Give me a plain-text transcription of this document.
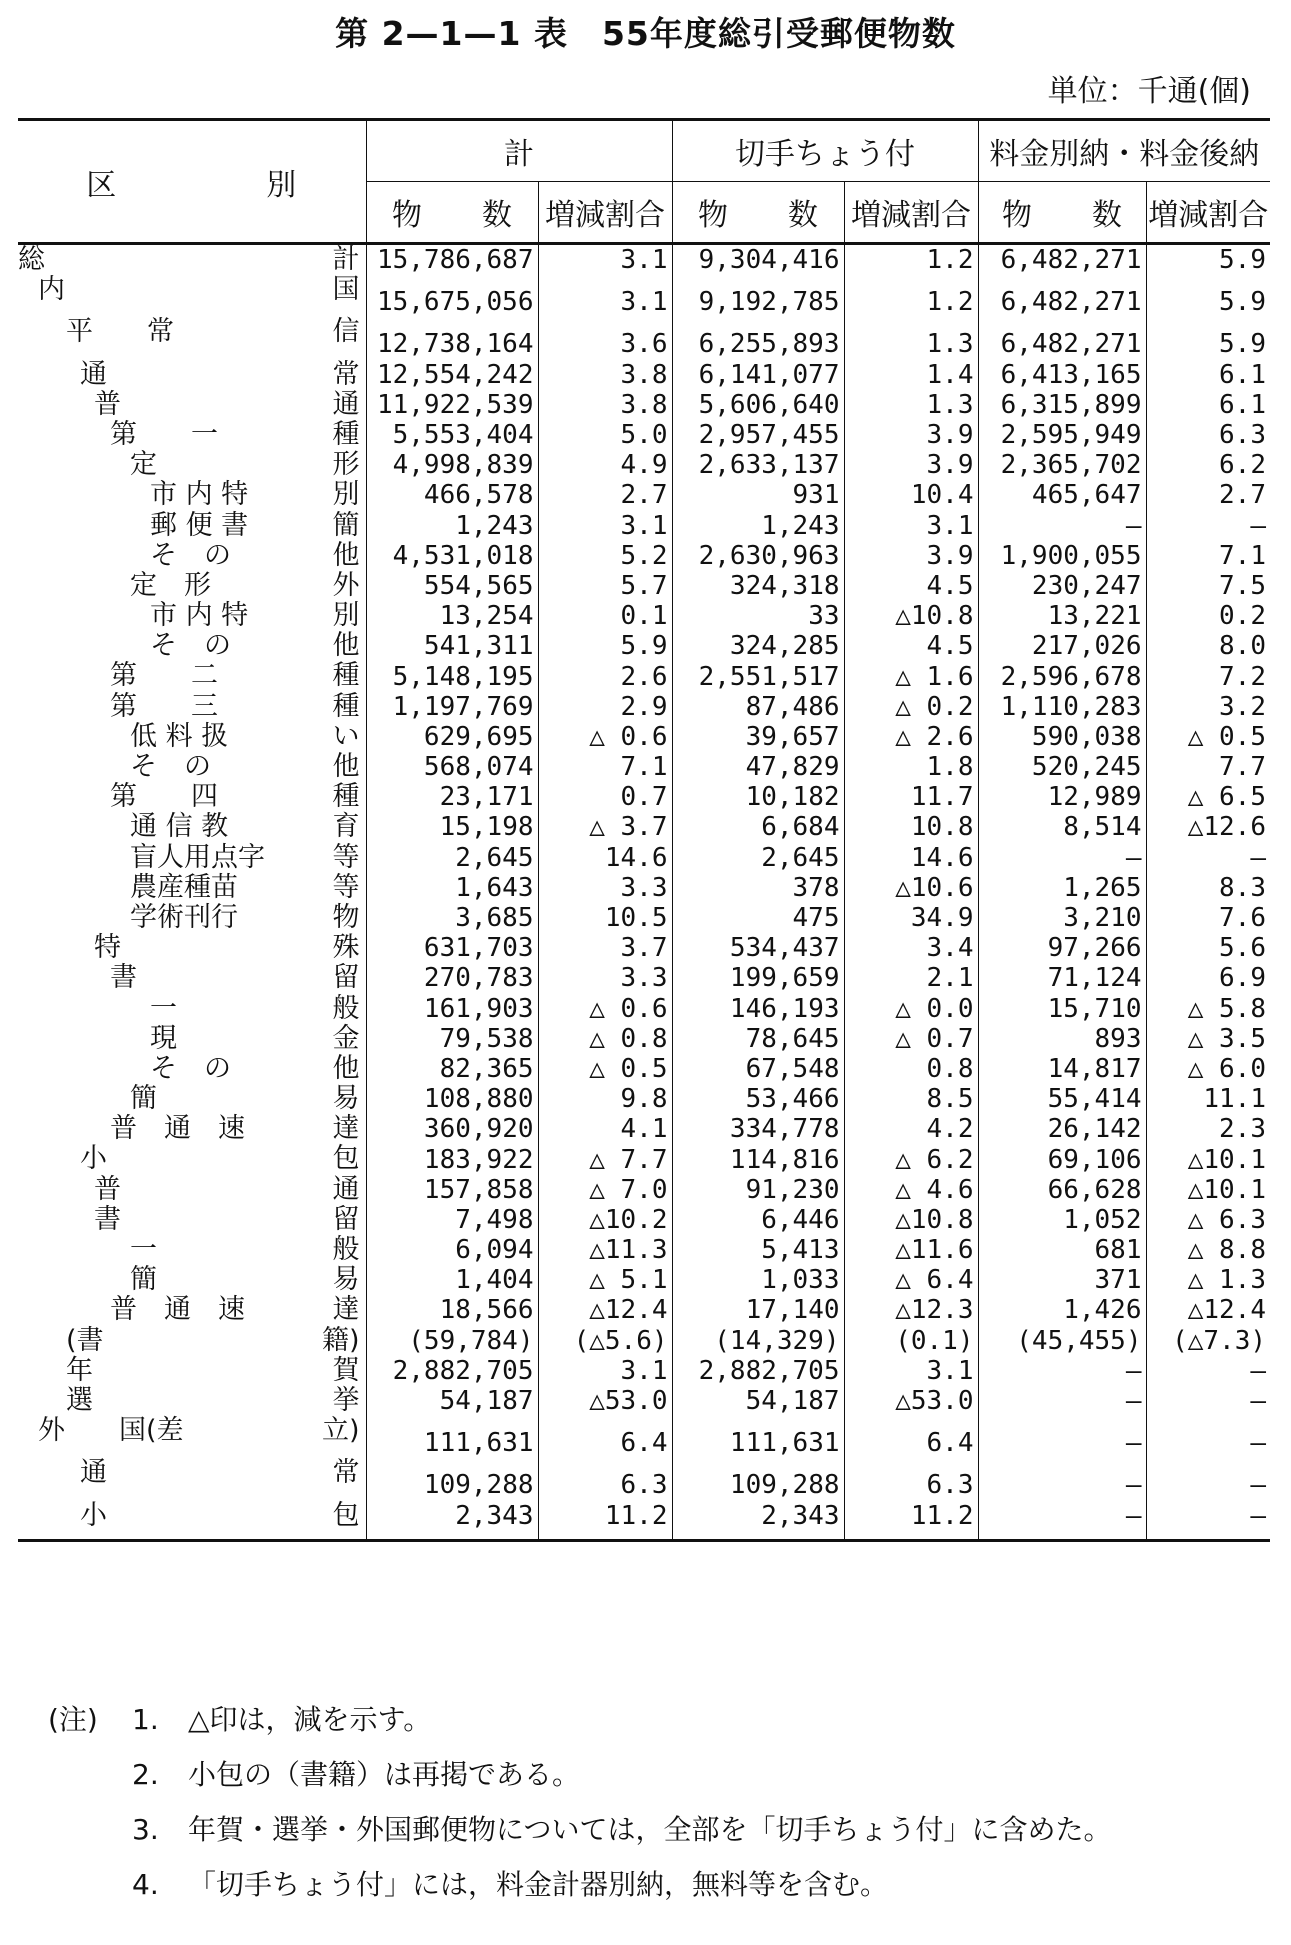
第 2—1—1 表　55年度総引受郵便物数
単位：千通(個)
区　別	計		切手ちょう付		料金別納・料金後納	
	物　　数	増減割合	物　　数	増減割合	物　　数	増減割合

総 計	15,786,687	3.1	9,304,416	1.2	6,482,271	5.9

内 国	15,675,056	3.1	9,192,785	1.2	6,482,271	5.9

平　　常 信	12,738,164	3.6	6,255,893	1.3	6,482,271	5.9

通 常	12,554,242	3.8	6,141,077	1.4	6,413,165	6.1

普 通	11,922,539	3.8	5,606,640	1.3	6,315,899	6.1

第　　一 種	5,553,404	5.0	2,957,455	3.9	2,595,949	6.3

定 形	4,998,839	4.9	2,633,137	3.9	2,365,702	6.2

市 内 特 別	466,578	2.7	931	10.4	465,647	2.7

郵 便 書 簡	1,243	3.1	1,243	3.1	—	—

そ　の 他	4,531,018	5.2	2,630,963	3.9	1,900,055	7.1

定　形 外	554,565	5.7	324,318	4.5	230,247	7.5

市 内 特 別	13,254	0.1	33	△10.8	13,221	0.2

そ　の 他	541,311	5.9	324,285	4.5	217,026	8.0

第　　二 種	5,148,195	2.6	2,551,517	△ 1.6	2,596,678	7.2

第　　三 種	1,197,769	2.9	87,486	△ 0.2	1,110,283	3.2

低 料 扱 い	629,695	△ 0.6	39,657	△ 2.6	590,038	△ 0.5

そ　の 他	568,074	7.1	47,829	1.8	520,245	7.7

第　　四 種	23,171	0.7	10,182	11.7	12,989	△ 6.5

通 信 教 育	15,198	△ 3.7	6,684	10.8	8,514	△12.6

盲人用点字 等	2,645	14.6	2,645	14.6	—	—

農産種苗 等	1,643	3.3	378	△10.6	1,265	8.3

学術刊行 物	3,685	10.5	475	34.9	3,210	7.6

特 殊	631,703	3.7	534,437	3.4	97,266	5.6

書 留	270,783	3.3	199,659	2.1	71,124	6.9

一 般	161,903	△ 0.6	146,193	△ 0.0	15,710	△ 5.8

現 金	79,538	△ 0.8	78,645	△ 0.7	893	△ 3.5

そ　の 他	82,365	△ 0.5	67,548	0.8	14,817	△ 6.0

簡 易	108,880	9.8	53,466	8.5	55,414	11.1

普　通　速 達	360,920	4.1	334,778	4.2	26,142	2.3

小 包	183,922	△ 7.7	114,816	△ 6.2	69,106	△10.1

普 通	157,858	△ 7.0	91,230	△ 4.6	66,628	△10.1

書 留	7,498	△10.2	6,446	△10.8	1,052	△ 6.3

一 般	6,094	△11.3	5,413	△11.6	681	△ 8.8

簡 易	1,404	△ 5.1	1,033	△ 6.4	371	△ 1.3

普　通　速 達	18,566	△12.4	17,140	△12.3	1,426	△12.4

(書 籍)	(59,784)	(△5.6)	(14,329)	(0.1)	(45,455)	(△7.3)

年 賀	2,882,705	3.1	2,882,705	3.1	—	—

選 挙	54,187	△53.0	54,187	△53.0	—	—

外　　国(差 立)	111,631	6.4	111,631	6.4	—	—

通 常	109,288	6.3	109,288	6.3	—	—

小 包	2,343	11.2	2,343	11.2	—	—
(注) 1. △印は，減を示す。
2. 小包の（書籍）は再掲である。
3. 年賀・選挙・外国郵便物については，全部を「切手ちょう付」に含めた。
4. 「切手ちょう付」には，料金計器別納，無料等を含む。
